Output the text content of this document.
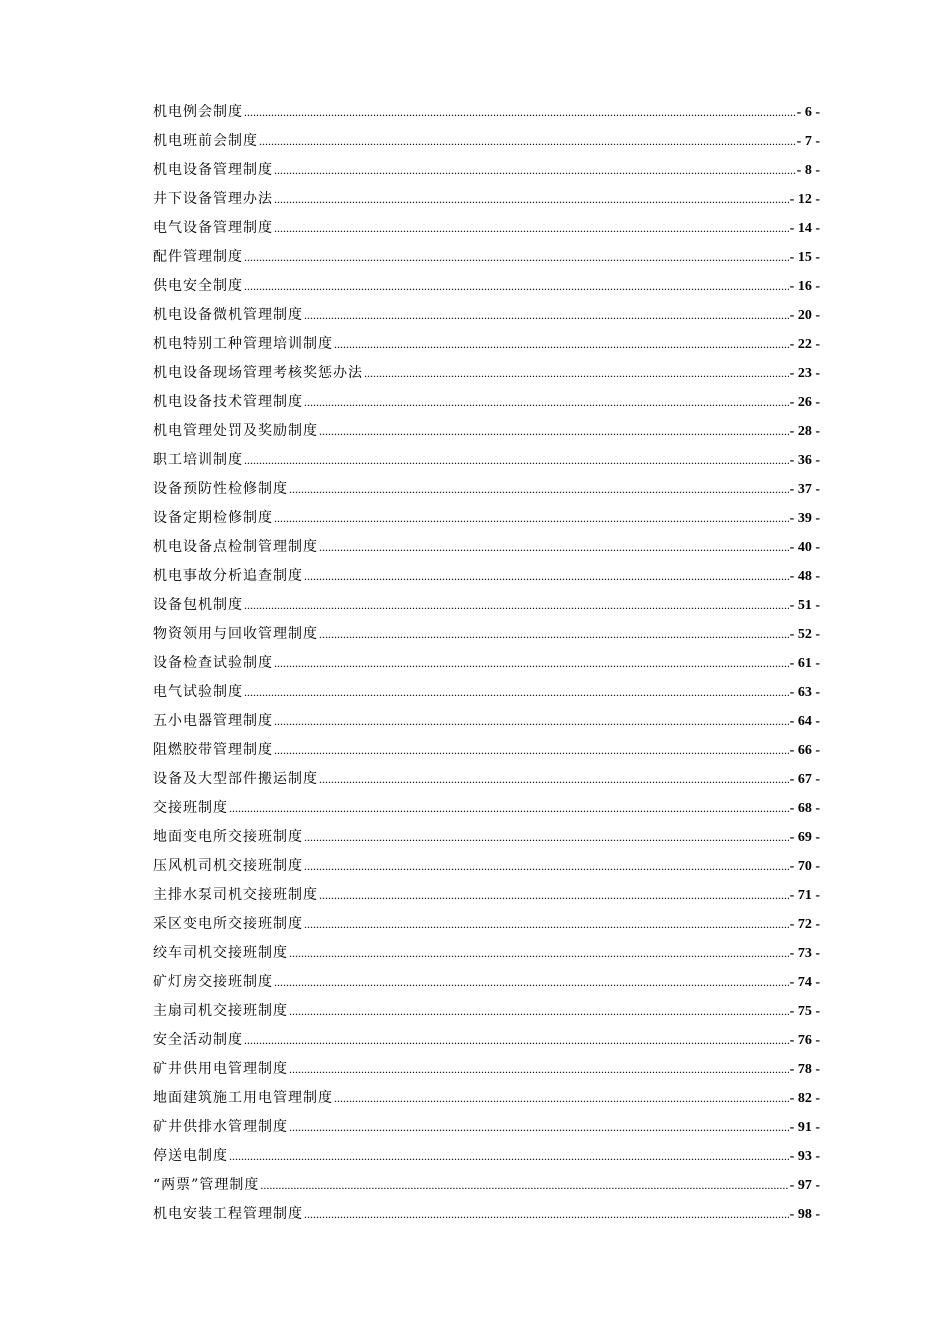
机电例会制度 .....	- 6 -
机电班前会制度 .....	- 7 -
机电设备管理制度 .....	- 8 -
井下设备管理办法 .....	- 12 -
电气设备管理制度 .....	- 14 -
配件管理制度 .....	- 15 -
供电安全制度 .....	- 16 -
机电设备微机管理制度 .....	- 20 -
机电特别工种管理培训制度 .....	- 22 -
机电设备现场管理考核奖惩办法 .....	- 23 -
机电设备技术管理制度 .....	- 26 -
机电管理处罚及奖励制度 .....	- 28 -
职工培训制度 .....	- 36 -
设备预防性检修制度 .....	- 37 -
设备定期检修制度 .....	- 39 -
机电设备点检制管理制度 .....	- 40 -
机电事故分析追查制度 .....	- 48 -
设备包机制度 .....	- 51 -
物资领用与回收管理制度 .....	- 52 -
设备检查试验制度 .....	- 61 -
电气试验制度 .....	- 63 -
五小电器管理制度 .....	- 64 -
阻燃胶带管理制度 .....	- 66 -
设备及大型部件搬运制度 .....	- 67 -
交接班制度 .....	- 68 -
地面变电所交接班制度 .....	- 69 -
压风机司机交接班制度 .....	- 70 -
主排水泵司机交接班制度 .....	- 71 -
采区变电所交接班制度 .....	- 72 -
绞车司机交接班制度 .....	- 73 -
矿灯房交接班制度 .....	- 74 -
主扇司机交接班制度 .....	- 75 -
安全活动制度 .....	- 76 -
矿井供用电管理制度 .....	- 78 -
地面建筑施工用电管理制度 .....	- 82 -
矿井供排水管理制度 .....	- 91 -
停送电制度 .....	- 93 -
“两票”管理制度 .....	- 97 -
机电安装工程管理制度 .....	- 98 -
